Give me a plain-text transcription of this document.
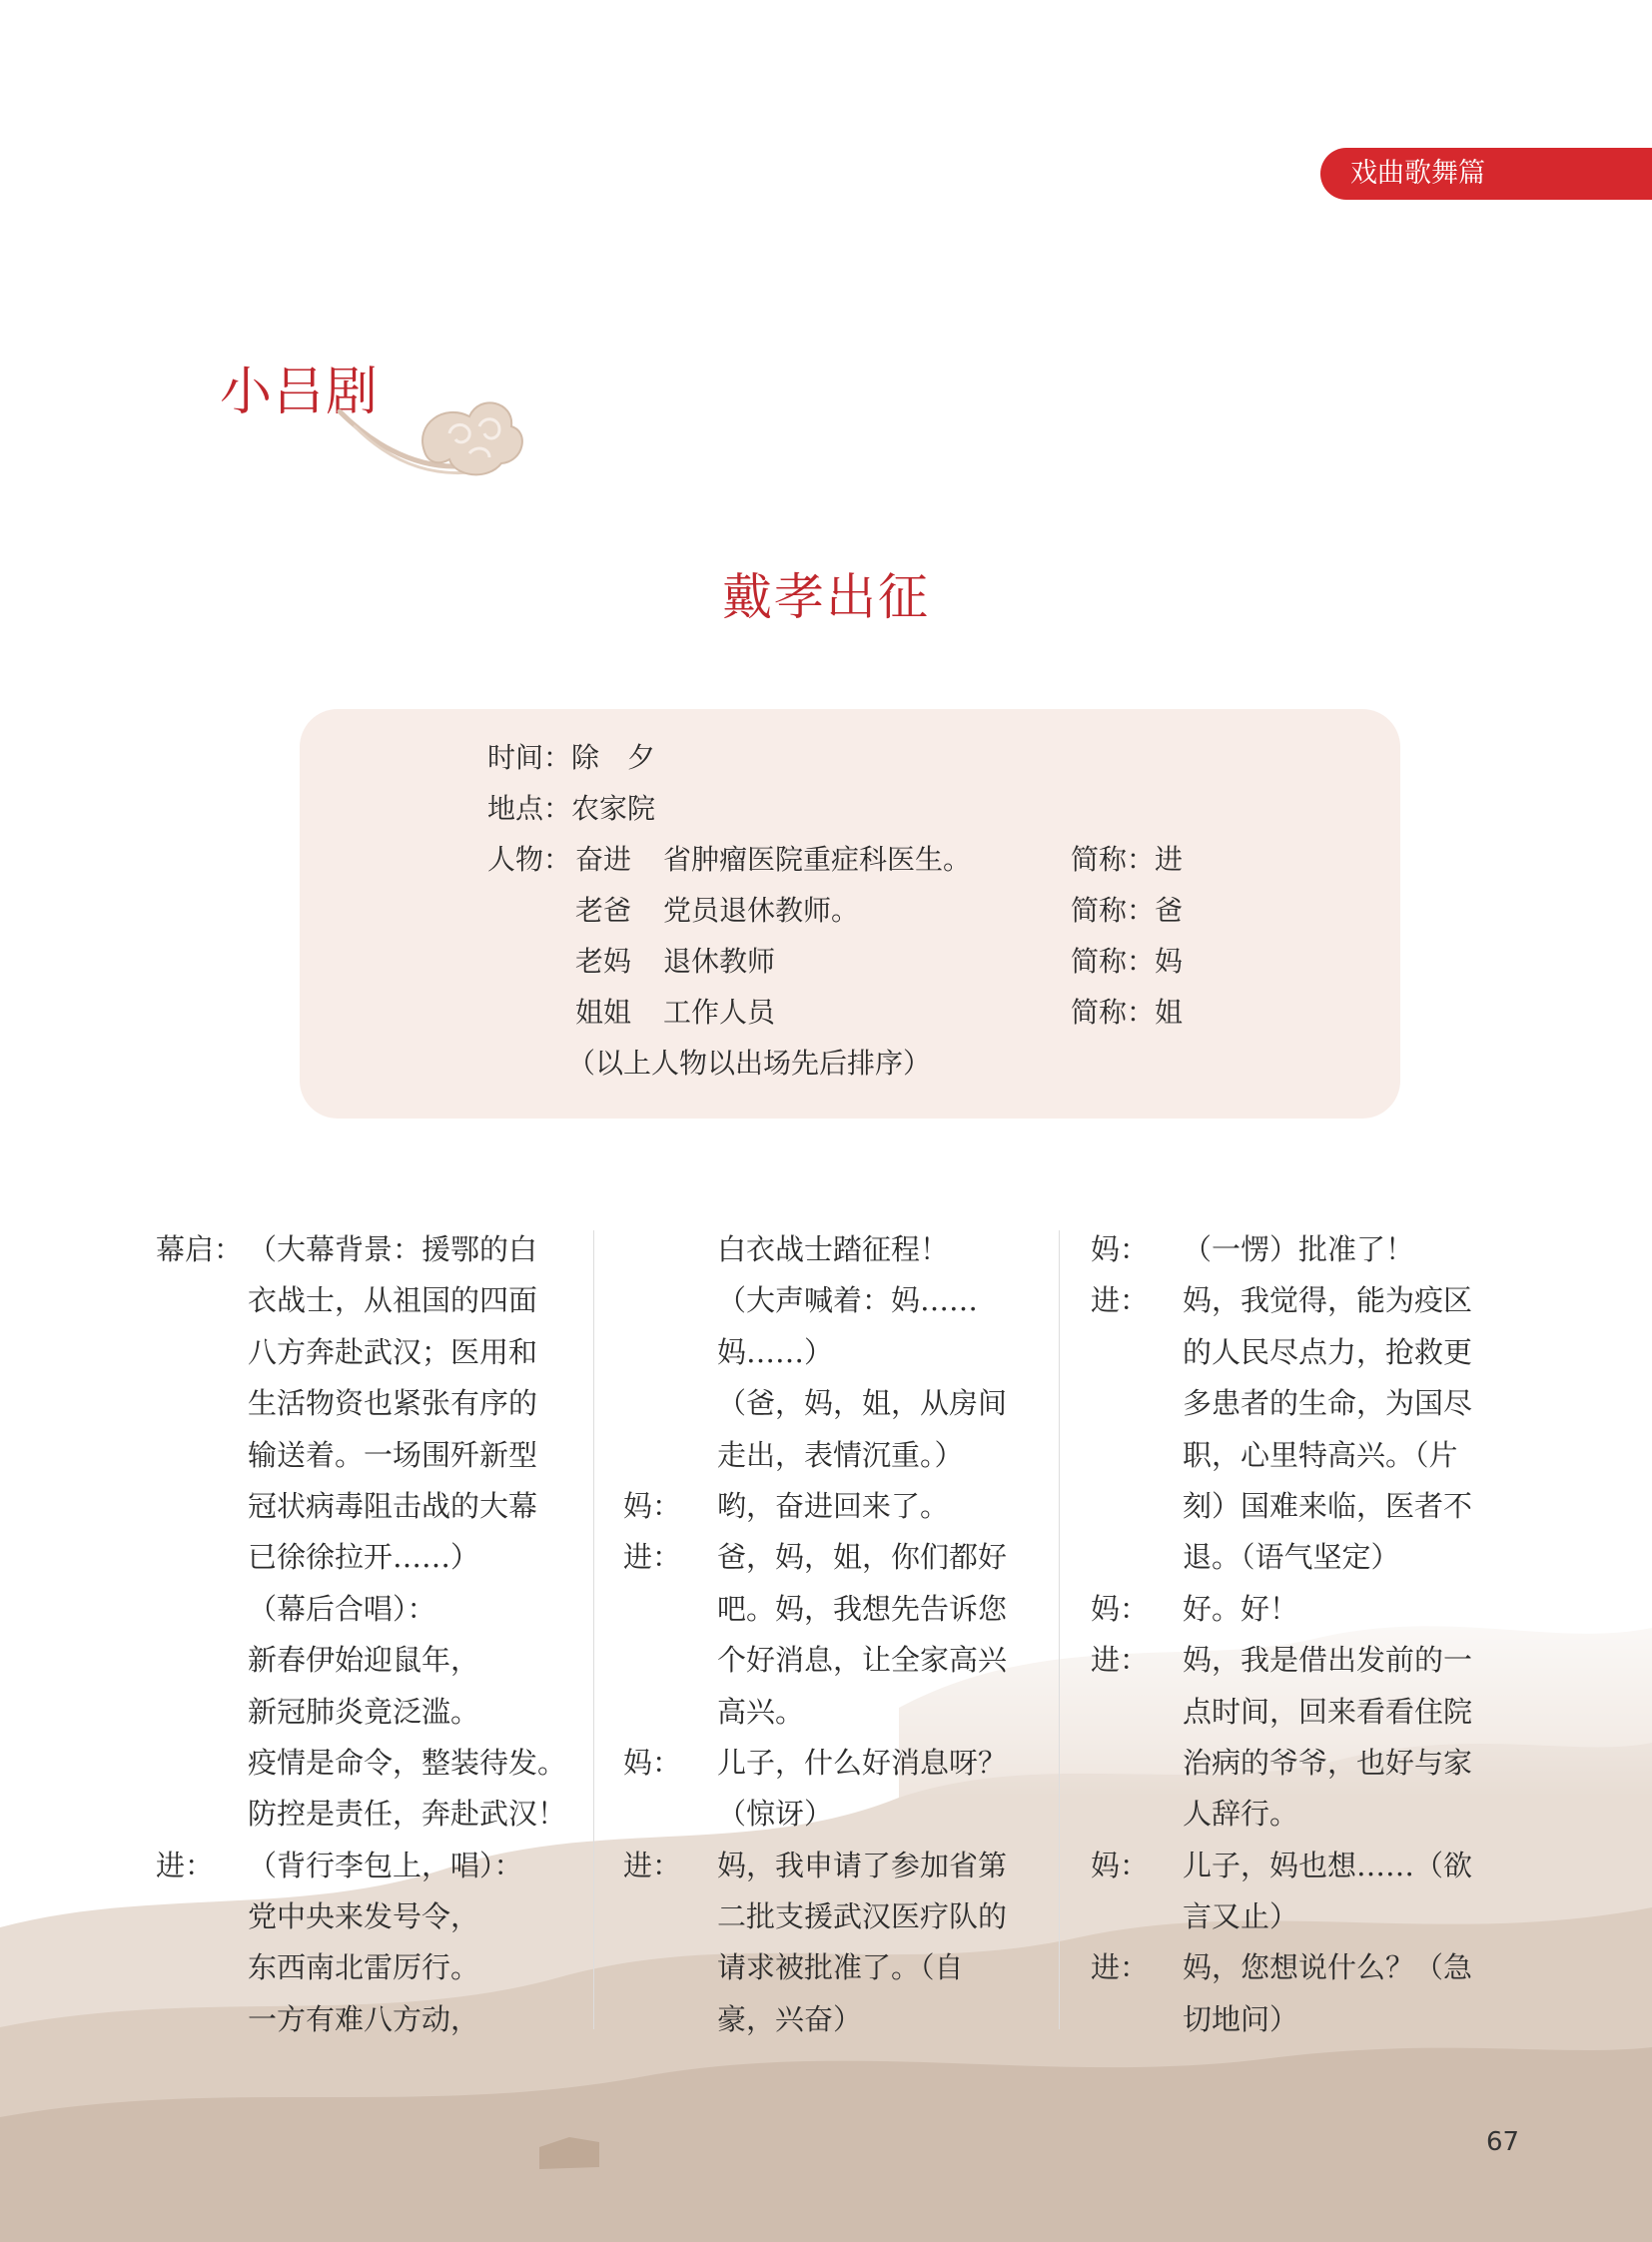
戏曲歌舞篇
小吕剧
戴孝出征
时间：除　夕
地点：农家院
人物： 奋进 省肿瘤医院重症科医生。	简称：进
老爸 党员退休教师。	简称：爸
老妈 退休教师	简称：妈
姐姐 工作人员	简称：姐
（以上人物以出场先后排序）
幕启： （大幕背景：援鄂的白
衣战士，从祖国的四面
八方奔赴武汉；医用和
生活物资也紧张有序的
输送着。一场围歼新型
冠状病毒阻击战的大幕
已徐徐拉开……）
（幕后合唱）：
新春伊始迎鼠年，
新冠肺炎竟泛滥。
疫情是命令，整装待发。
防控是责任，奔赴武汉！
进： （背行李包上，唱）：
党中央来发号令，
东西南北雷厉行。
一方有难八方动，
白衣战士踏征程！
（大声喊着：妈……
妈……）
（爸，妈，姐，从房间
走出，表情沉重。）
妈： 哟，奋进回来了。
进： 爸，妈，姐，你们都好
吧。妈，我想先告诉您
个好消息，让全家高兴
高兴。
妈： 儿子，什么好消息呀？
（惊讶）
进： 妈，我申请了参加省第
二批支援武汉医疗队的
请求被批准了。（自
豪，兴奋）
妈： （一愣）批准了！
进： 妈，我觉得，能为疫区
的人民尽点力，抢救更
多患者的生命，为国尽
职，心里特高兴。（片
刻）国难来临，医者不
退。（语气坚定）
妈： 好。好！
进： 妈，我是借出发前的一
点时间，回来看看住院
治病的爷爷，也好与家
人辞行。
妈： 儿子，妈也想……（欲
言又止）
进： 妈，您想说什么？（急
切地问）
67
